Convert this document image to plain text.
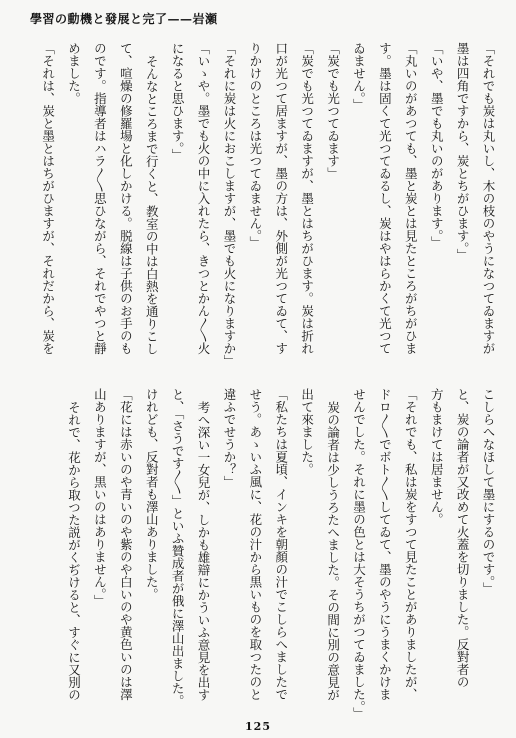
學習の動機と發展と完了——岩瀬
「それでも炭は丸いし、木の枝のやうになつてゐますが
墨は四角ですから、炭とちがひます。」
「いや、墨でも丸いのがあります。」
「丸いのがあつても、墨と炭とは見たところがちがひま
す。墨は固くて光つてゐるし、炭はやはらかくて光つて
ゐません。」
「炭でも光つてゐます」
「炭でも光つてゐますが、墨とはちがひます。炭は折れ
口が光つて居ますが、墨の方は、外側が光つてゐて、す
りかけのところは光つてゐません。」
「それに炭は火におこしますが、墨でも火になりますか」
「いゝや。墨でも火の中に入れたら、きつとかん〱火
になると思ひます。」
そんなところまで行くと、教室の中は白熱を通りこし
て、喧燥の修羅場と化しかける。脱線は子供のお手のも
のです。指導者はハラ〱思ひながら、それでやつと靜
めました。
「それは、炭と墨とはちがひますが、それだから、炭を
こしらへなほして墨にするのです。」
と、炭の論者が又改めて火蓋を切りました。反對者の
方もまけては居ません。
「それでも、私は炭をすつて見たことがありましたが、
ドロ〱でボト〱してゐて、墨のやうにうまくかけま
せんでした。それに墨の色とは大そうちがつてゐました。」
炭の論者は少しうろたへました。その間に別の意見が
出て來ました。
「私たちは夏頃、インキを朝顏の汁でこしらへましたで
せう。あゝいふ風に、花の汁から黒いものを取つたのと
違ふでせうか？」
考へ深い一女兒が、しかも雄辯にかういふ意見を出す
と、「さうです〱」といふ贊成者が俄に澤山出ました。
けれども、反對者も澤山ありました。
「花には赤いのや青いのや紫のや白いのや黄色いのは澤
山ありますが、黒いのはありません。」
それで、花から取つた説がくぢけると、すぐに又別の
125
